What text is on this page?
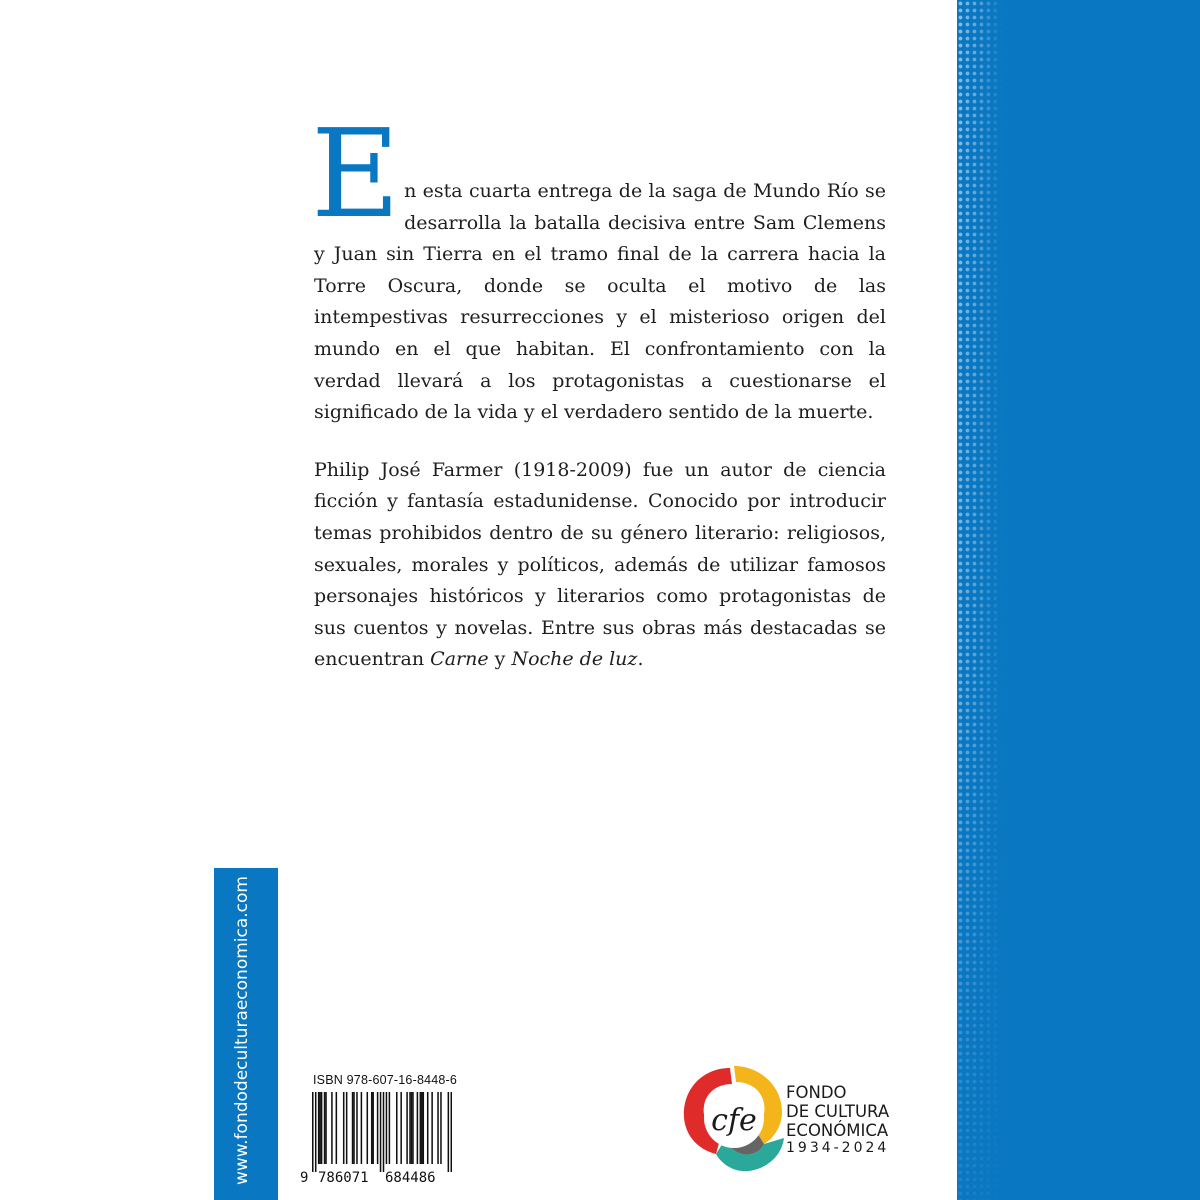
En esta cuarta entrega de la saga de Mundo Río se desarrolla la batalla decisiva entre Sam Clemens y Juan sin Tierra en el tramo final de la carrera hacia la Torre Oscura, donde se oculta el motivo de las intempestivas resurrecciones y el misterioso origen del mundo en el que habitan. El confrontamiento con la verdad llevará a los protagonistas a cuestionarse el significado de la vida y el verdadero sentido de la muerte.

Philip José Farmer (1918-2009) fue un autor de ciencia ficción y fantasía estadunidense. Conocido por introducir temas prohibidos dentro de su género literario: religiosos, sexuales, morales y políticos, además de utilizar famosos personajes históricos y literarios como protagonistas de sus cuentos y novelas. Entre sus obras más destacadas se encuentran Carne y Noche de luz.

www.fondodeculturaeconomica.com	ISBN 978-607-16-8448-6
9 786071 684486
cfe
FONDO
DE CULTURA
ECONÓMICA
1934-2024
